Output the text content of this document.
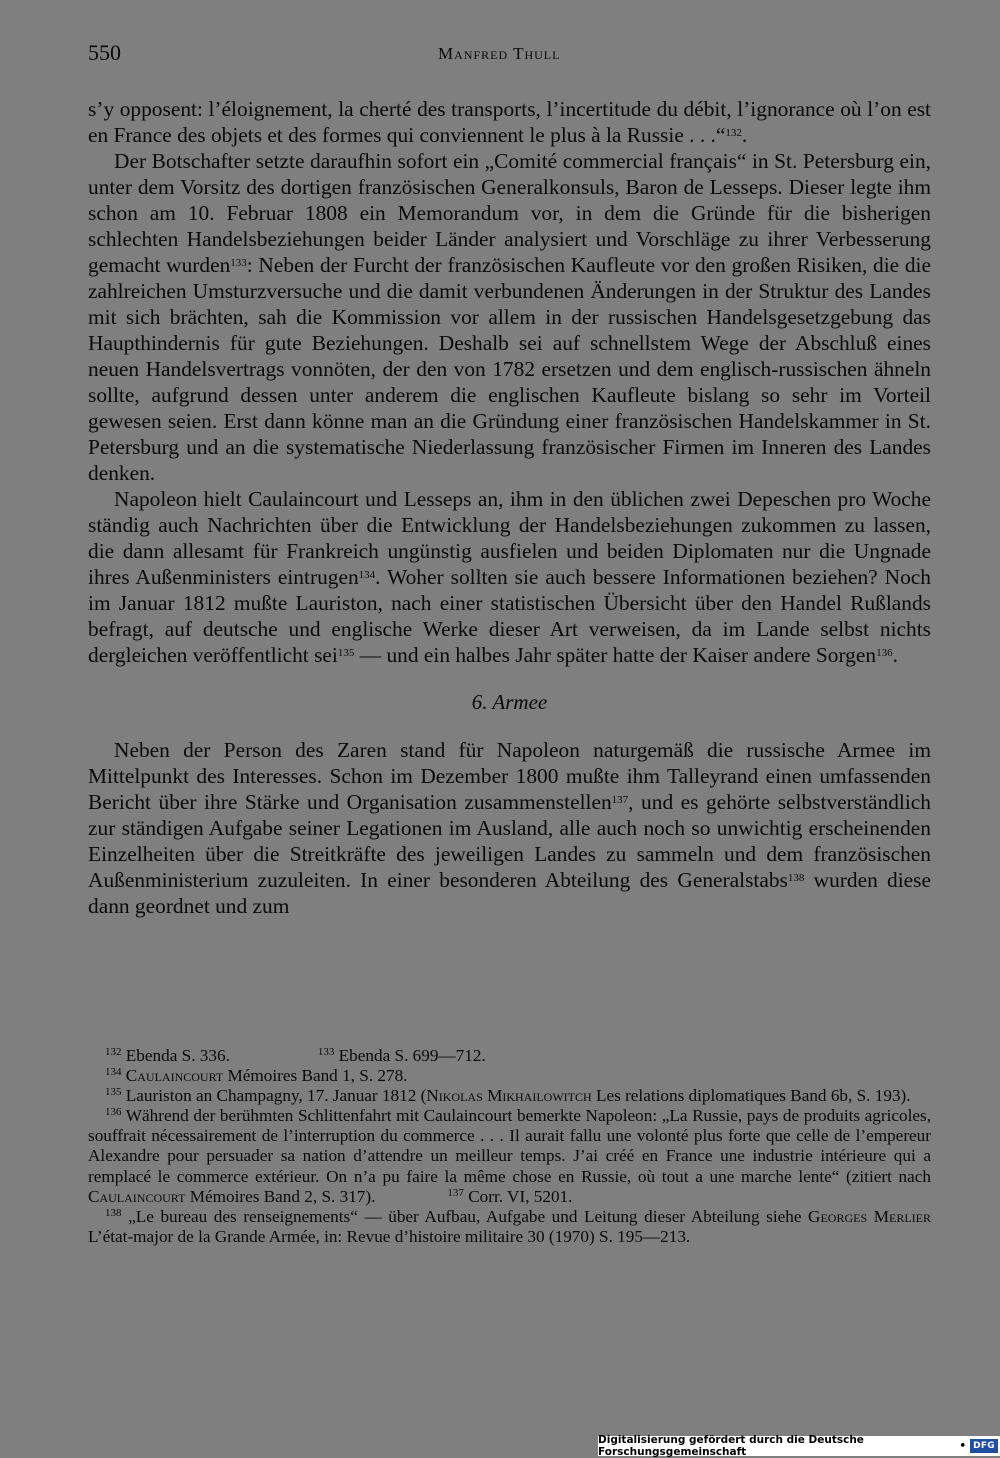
550	Manfred Thull

s’y opposent: l’éloignement, la cherté des transports, l’incertitude du débit, l’ignorance où l’on est en France des objets et des formes qui conviennent le plus à la Russie . . .“$^{132}$.

Der Botschafter setzte daraufhin sofort ein „Comité commercial français“ in St. Petersburg ein, unter dem Vorsitz des dortigen französischen Generalkonsuls, Baron de Lesseps. Dieser legte ihm schon am 10. Februar 1808 ein Memorandum vor, in dem die Gründe für die bisherigen schlechten Handelsbeziehungen beider Länder analysiert und Vorschläge zu ihrer Verbesserung gemacht wurden$^{133}$: Neben der Furcht der französischen Kaufleute vor den großen Risiken, die die zahlreichen Umsturzversuche und die damit verbundenen Änderungen in der Struktur des Landes mit sich brächten, sah die Kommission vor allem in der russischen Handelsgesetzgebung das Haupthindernis für gute Beziehungen. Deshalb sei auf schnellstem Wege der Abschluß eines neuen Handelsvertrags vonnöten, der den von 1782 ersetzen und dem englisch-russischen ähneln sollte, aufgrund dessen unter anderem die englischen Kaufleute bislang so sehr im Vorteil gewesen seien. Erst dann könne man an die Gründung einer französischen Handelskammer in St. Petersburg und an die systematische Niederlassung französischer Firmen im Inneren des Landes denken.

Napoleon hielt Caulaincourt und Lesseps an, ihm in den üblichen zwei Depeschen pro Woche ständig auch Nachrichten über die Entwicklung der Handelsbeziehungen zukommen zu lassen, die dann allesamt für Frankreich ungünstig ausfielen und beiden Diplomaten nur die Ungnade ihres Außenministers eintrugen$^{134}$. Woher sollten sie auch bessere Informationen beziehen? Noch im Januar 1812 mußte Lauriston, nach einer statistischen Übersicht über den Handel Rußlands befragt, auf deutsche und englische Werke dieser Art verweisen, da im Lande selbst nichts dergleichen veröffentlicht sei$^{135}$ — und ein halbes Jahr später hatte der Kaiser andere Sorgen$^{136}$.

6. Armee

Neben der Person des Zaren stand für Napoleon naturgemäß die russische Armee im Mittelpunkt des Interesses. Schon im Dezember 1800 mußte ihm Talleyrand einen umfassenden Bericht über ihre Stärke und Organisation zusammenstellen$^{137}$, und es gehörte selbstverständlich zur ständigen Aufgabe seiner Legationen im Ausland, alle auch noch so unwichtig erscheinenden Einzelheiten über die Streitkräfte des jeweiligen Landes zu sammeln und dem französischen Außenministerium zuzuleiten. In einer besonderen Abteilung des Generalstabs$^{138}$ wurden diese dann geordnet und zum

$^{132}$ Ebenda S. 336.	$^{133}$ Ebenda S. 699—712.

$^{134}$ Caulaincourt Mémoires Band 1, S. 278.

$^{135}$ Lauriston an Champagny, 17. Januar 1812 (Nikolas Mikhailowitch Les relations diplomatiques Band 6b, S. 193).

$^{136}$ Während der berühmten Schlittenfahrt mit Caulaincourt bemerkte Napoleon: „La Russie, pays de produits agricoles, souffrait nécessairement de l’interruption du commerce . . . Il aurait fallu une volonté plus forte que celle de l’empereur Alexandre pour persuader sa nation d’attendre un meilleur temps. J’ai créé en France une industrie intérieure qui a remplacé le commerce extérieur. On n’a pu faire la même chose en Russie, où tout a une marche lente“ (zitiert nach Caulaincourt Mémoires Band 2, S. 317).	$^{137}$ Corr. VI, 5201.

$^{138}$ „Le bureau des renseignements“ — über Aufbau, Aufgabe und Leitung dieser Abteilung siehe Georges Merlier L’état-major de la Grande Armée, in: Revue d’histoire militaire 30 (1970) S. 195—213.

Digitalisierung gefördert durch die Deutsche Forschungsgemeinschaft	• DFG
